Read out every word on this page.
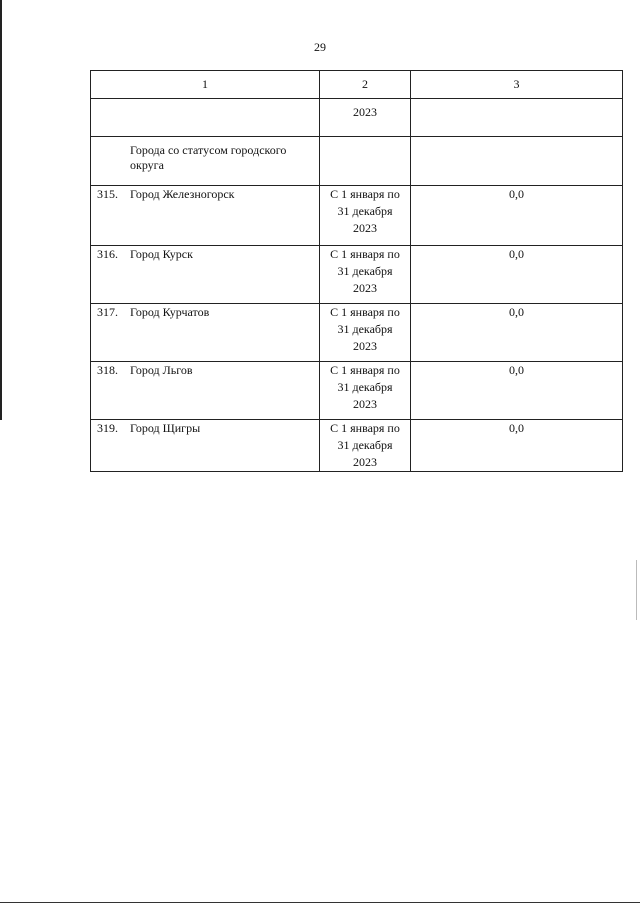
29
1	2	3
	2023	
Города со статусом городского округа		
315. Город Железногорск	С 1 января по
31 декабря
2023	0,0
316. Город Курск	С 1 января по
31 декабря
2023	0,0
317. Город Курчатов	С 1 января по
31 декабря
2023	0,0
318. Город Льгов	С 1 января по
31 декабря
2023	0,0
319. Город Щигры	С 1 января по
31 декабря
2023	0,0
